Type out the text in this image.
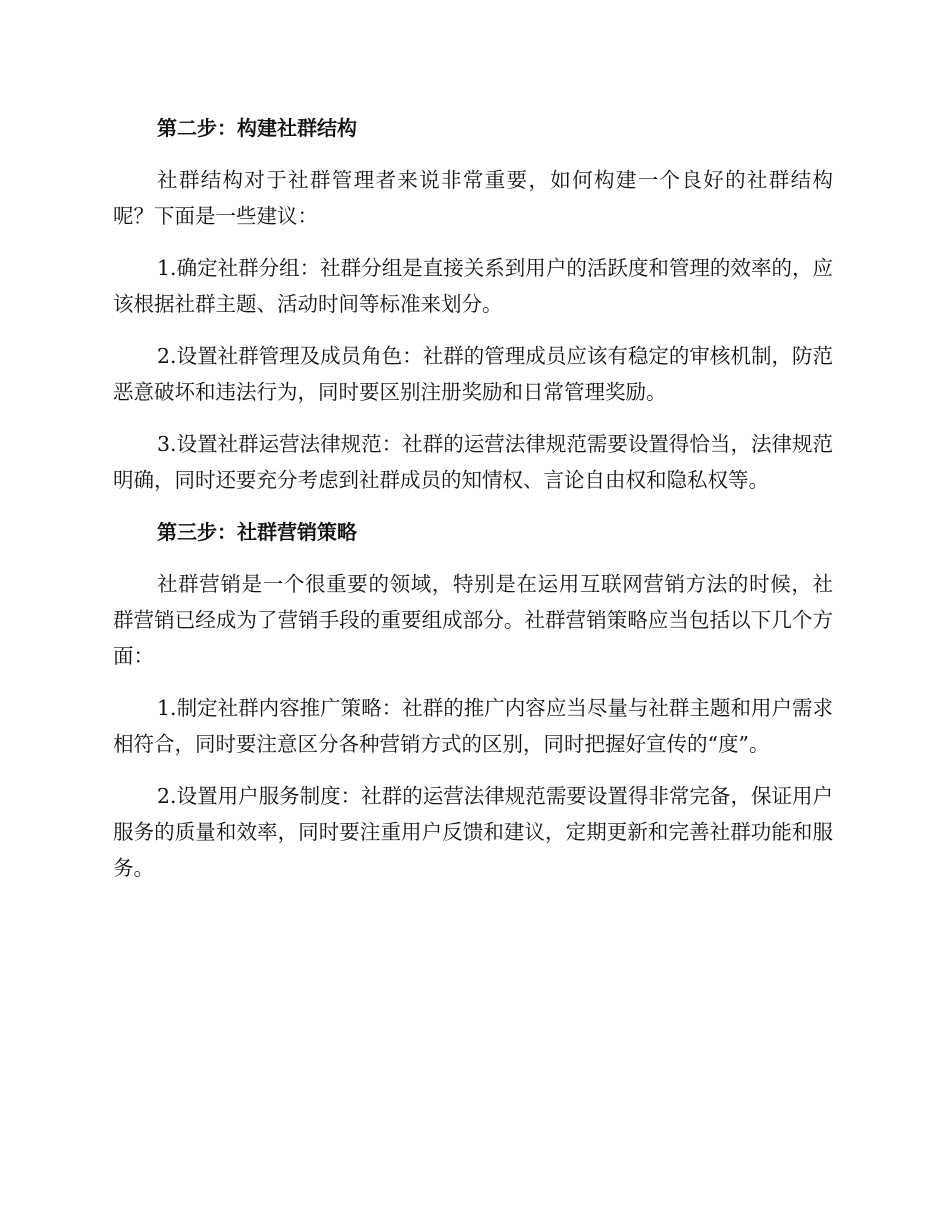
第二步：构建社群结构

社群结构对于社群管理者来说非常重要，如何构建一个良好的社群结构呢？下面是一些建议：

1.确定社群分组：社群分组是直接关系到用户的活跃度和管理的效率的，应该根据社群主题、活动时间等标准来划分。

2.设置社群管理及成员角色：社群的管理成员应该有稳定的审核机制，防范恶意破坏和违法行为，同时要区别注册奖励和日常管理奖励。

3.设置社群运营法律规范：社群的运营法律规范需要设置得恰当，法律规范明确，同时还要充分考虑到社群成员的知情权、言论自由权和隐私权等。

第三步：社群营销策略

社群营销是一个很重要的领域，特别是在运用互联网营销方法的时候，社群营销已经成为了营销手段的重要组成部分。社群营销策略应当包括以下几个方面：

1.制定社群内容推广策略：社群的推广内容应当尽量与社群主题和用户需求相符合，同时要注意区分各种营销方式的区别，同时把握好宣传的“度”。

2.设置用户服务制度：社群的运营法律规范需要设置得非常完备，保证用户服务的质量和效率，同时要注重用户反馈和建议，定期更新和完善社群功能和服务。
